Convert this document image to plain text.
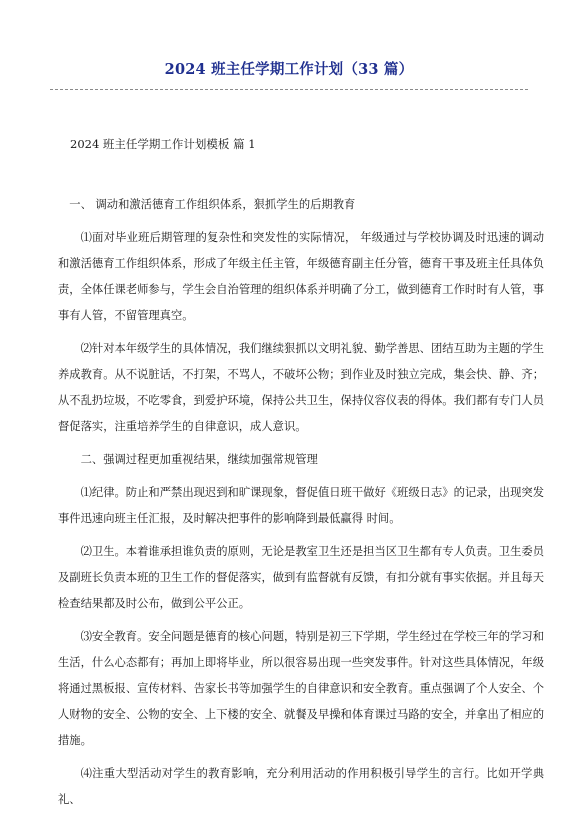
2024 班主任学期工作计划（33 篇）
2024 班主任学期工作计划模板 篇 1

一、 调动和激活德育工作组织体系，狠抓学生的后期教育

⑴面对毕业班后期管理的复杂性和突发性的实际情况， 年级通过与学校协调及时迅速的调动和激活德育工作组织体系，形成了年级主任主管，年级德育副主任分管，德育干事及班主任具体负责，全体任课老师参与，学生会自治管理的组织体系并明确了分工，做到德育工作时时有人管，事事有人管，不留管理真空。

⑵针对本年级学生的具体情况，我们继续狠抓以文明礼貌、勤学善思、团结互助为主题的学生养成教育。从不说脏话，不打架，不骂人，不破坏公物；到作业及时独立完成，集会快、静、齐；从不乱扔垃圾，不吃零食，到爱护环境，保持公共卫生，保持仪容仪表的得体。我们都有专门人员督促落实，注重培养学生的自律意识，成人意识。

二、强调过程更加重视结果，继续加强常规管理

⑴纪律。防止和严禁出现迟到和旷课现象，督促值日班干做好《班级日志》的记录，出现突发事件迅速向班主任汇报，及时解决把事件的影响降到最低赢得 时间。

⑵卫生。本着谁承担谁负责的原则，无论是教室卫生还是担当区卫生都有专人负责。卫生委员及副班长负责本班的卫生工作的督促落实，做到有监督就有反馈，有扣分就有事实依据。并且每天检查结果都及时公布，做到公平公正。

⑶安全教育。安全问题是德育的核心问题，特别是初三下学期，学生经过在学校三年的学习和生活，什么心态都有；再加上即将毕业，所以很容易出现一些突发事件。针对这些具体情况，年级将通过黑板报、宣传材料、告家长书等加强学生的自律意识和安全教育。重点强调了个人安全、个人财物的安全、公物的安全、上下楼的安全、就餐及早操和体育课过马路的安全，并拿出了相应的措施。

⑷注重大型活动对学生的教育影响，充分利用活动的作用积极引导学生的言行。比如开学典礼、
